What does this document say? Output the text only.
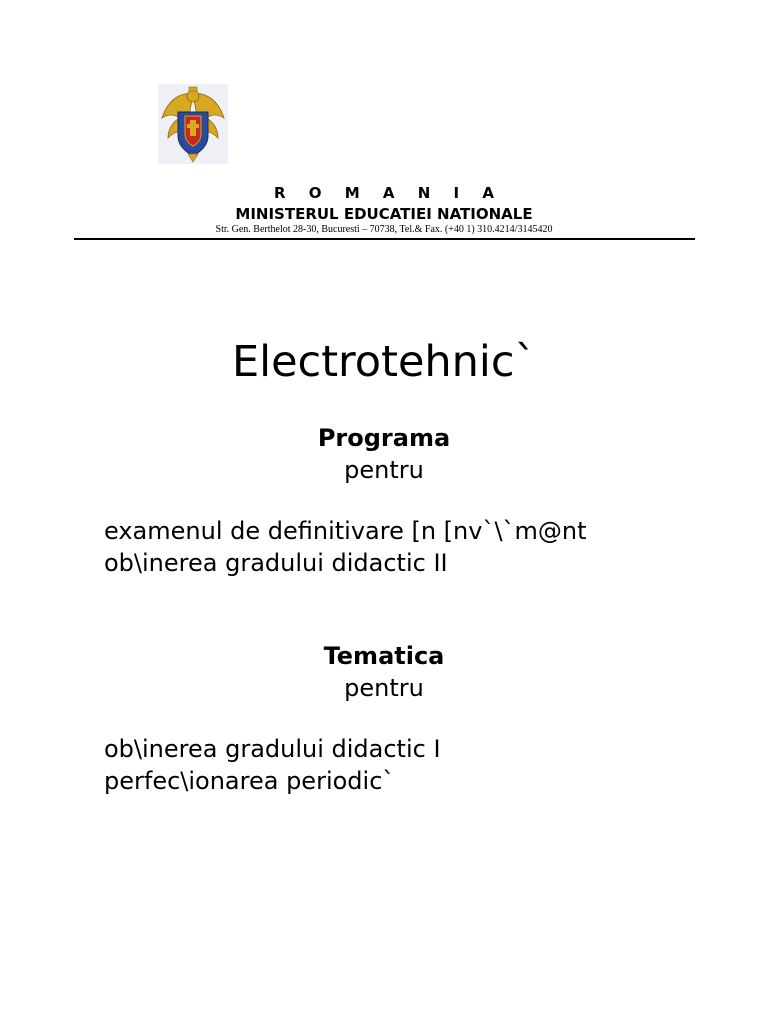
R O M A N I A
MINISTERUL EDUCATIEI NATIONALE
Str. Gen. Berthelot 28-30, Bucuresti – 70738, Tel.& Fax. (+40 1) 310.4214/3145420
Electrotehnic`
Programa
pentru
examenul de definitivare [n [nv`\`m@nt
ob\inerea gradului didactic II
Tematica
pentru
ob\inerea gradului didactic I
perfec\ionarea periodic`
